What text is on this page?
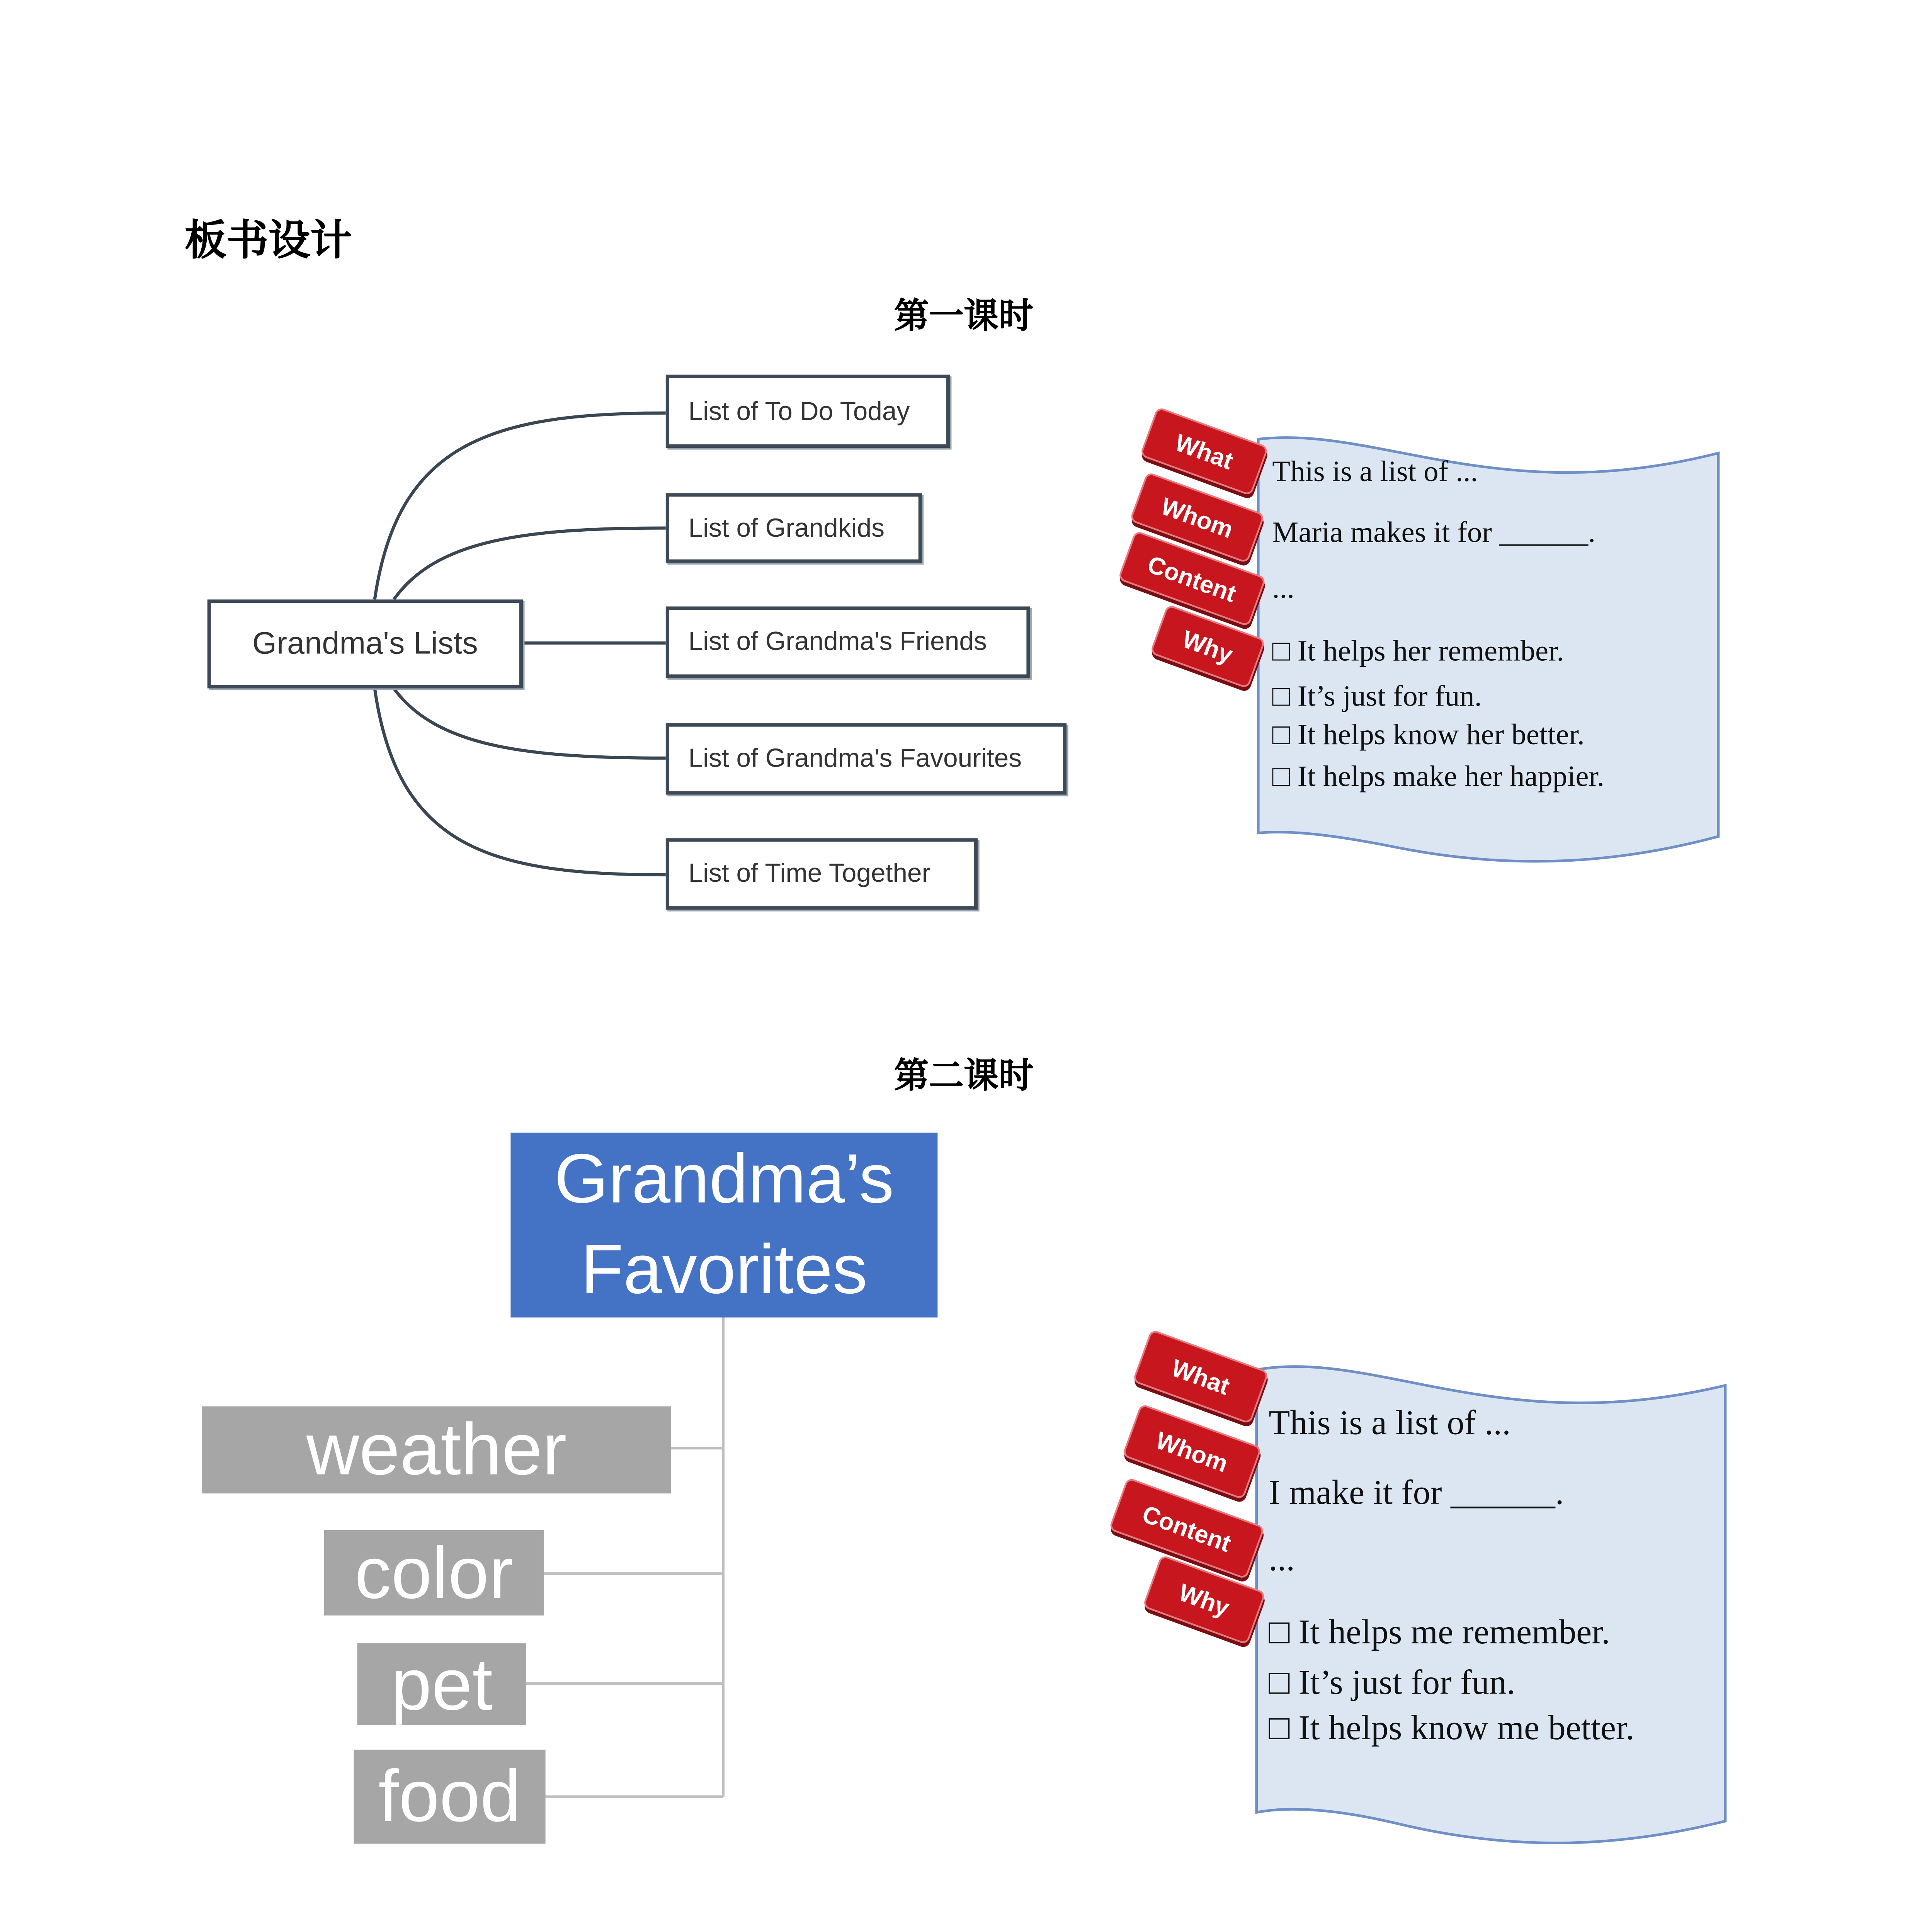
板书设计
第一课时
Grandma's Lists
List of To Do Today
List of Grandkids
List of Grandma's Friends
List of Grandma's Favourites
List of Time Together
This is a list of ...
Maria makes it for ______.
...
□ It helps her remember.
□ It’s just for fun.
□ It helps know her better.
□ It helps make her happier.
What
Whom
Content
Why
第二课时
Grandma’s Favorites
weather
color
pet
food
This is a list of ...
I make it for ______.
...
□ It helps me remember.
□ It’s just for fun.
□ It helps know me better.
What
Whom
Content
Why
